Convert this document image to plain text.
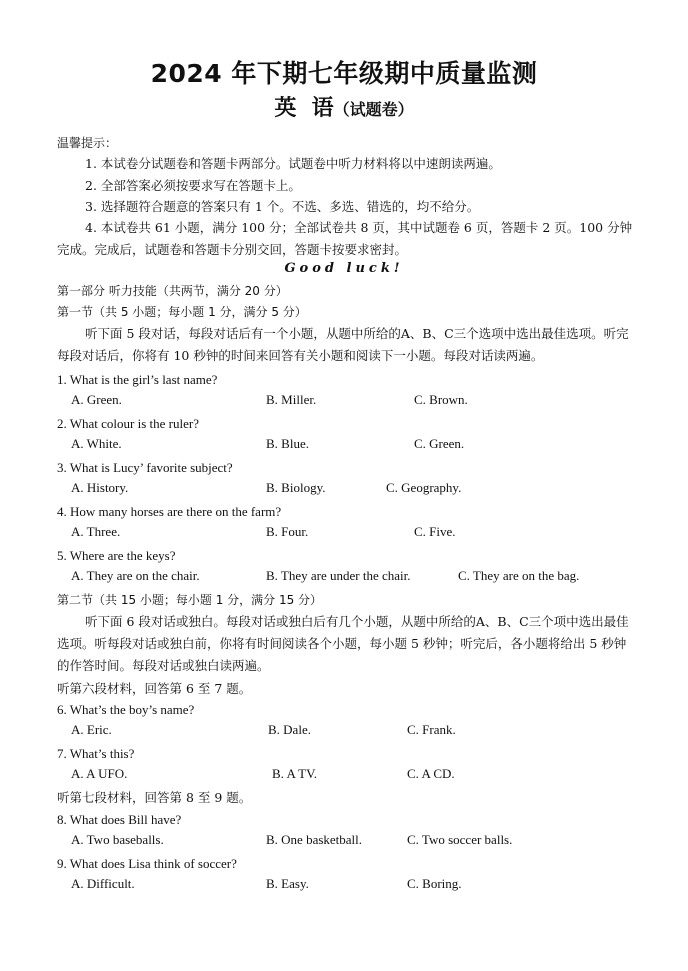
2024 年下期七年级期中质量监测
英  语（试题卷）
温馨提示：
1. 本试卷分试题卷和答题卡两部分。试题卷中听力材料将以中速朗读两遍。
2. 全部答案必须按要求写在答题卡上。
3. 选择题符合题意的答案只有 1 个。不选、多选、错选的，均不给分。
4. 本试卷共 61 小题，满分 100 分；全部试卷共 8 页，其中试题卷 6 页，答题卡 2 页。100 分钟完成。完成后，试题卷和答题卡分别交回，答题卡按要求密封。
Good luck!
第一部分 听力技能（共两节，满分 20 分）
第一节（共 5 小题；每小题 1 分，满分 5 分）
听下面 5 段对话，每段对话后有一个小题，从题中所给的A、B、C三个选项中选出最佳选项。听完每段对话后，你将有 10 秒钟的时间来回答有关小题和阅读下一小题。每段对话读两遍。
1. What is the girl’s last name?
A. Green.	B. Miller.	C. Brown.
2. What colour is the ruler?
A. White.	B. Blue.	C. Green.
3. What is Lucy’ favorite subject?
A. History.	B. Biology.	C. Geography.
4. How many horses are there on the farm?
A. Three.	B. Four.	C. Five.
5. Where are the keys?
A. They are on the chair.	B. They are under the chair.	C. They are on the bag.
第二节（共 15 小题；每小题 1 分，满分 15 分）
听下面 6 段对话或独白。每段对话或独白后有几个小题，从题中所给的A、B、C三个项中选出最佳选项。听每段对话或独白前，你将有时间阅读各个小题，每小题 5 秒钟；听完后，各小题将给出 5 秒钟的作答时间。每段对话或独白读两遍。
听第六段材料，回答第 6 至 7 题。
6. What’s the boy’s name?
A. Eric.	B. Dale.	C. Frank.
7. What’s this?
A. A UFO.	B. A TV.	C. A CD.
听第七段材料，回答第 8 至 9 题。
8. What does Bill have?
A. Two baseballs.	B. One basketball.	C. Two soccer balls.
9. What does Lisa think of soccer?
A. Difficult.	B. Easy.	C. Boring.
